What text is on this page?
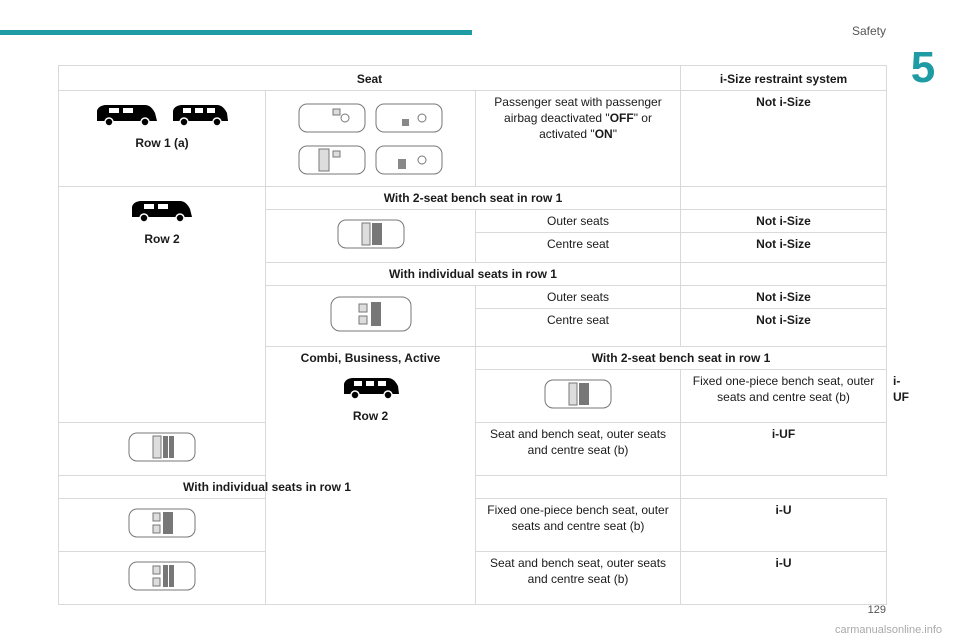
Safety
5
Seat			i-Size restraint system	

Row 1 (a)		Passenger seat with passenger airbag deactivated "OFF" or activated "ON"	Not i-Size	

Row 2	With 2-seat bench seat in row 1			
	Outer seats	Not i-Size	
		Centre seat	Not i-Size	
	With individual seats in row 1			
	Outer seats	Not i-Size	
		Centre seat	Not i-Size	

	Combi, Business, Active
Row 2	With 2-seat bench seat in row 1		
	Fixed one-piece bench seat, outer seats and centre seat (b)	i-UF
	Seat and bench seat, outer seats and centre seat (b)	i-UF	
With individual seats in row 1				
	Fixed one-piece bench seat, outer seats and centre seat (b)	i-U	
	Seat and bench seat, outer seats and centre seat (b)	i-U	
129
carmanualsonline.info
